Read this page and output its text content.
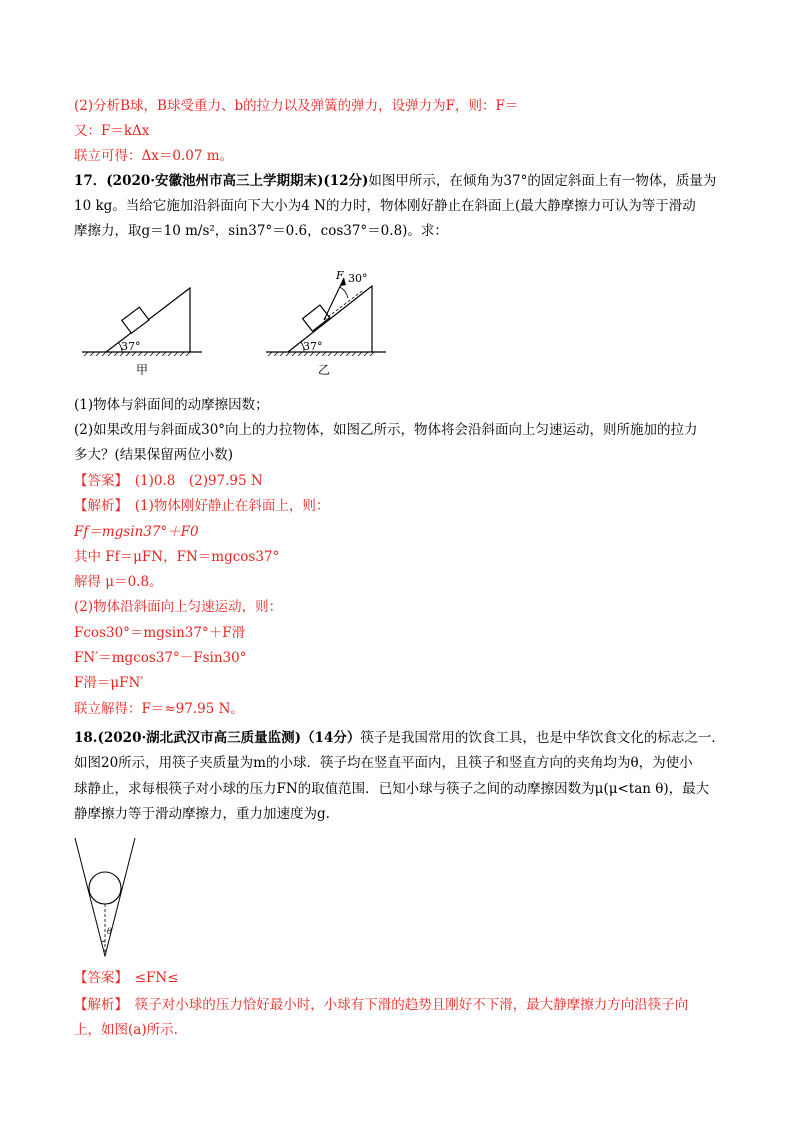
(2)分析B球，B球受重力、b的拉力以及弹簧的弹力，设弹力为F，则：F＝
又：F＝kΔx
联立可得：Δx＝0.07 m。
17．(2020·安徽池州市高三上学期期末)(12分)如图甲所示，在倾角为37°的固定斜面上有一物体，质量为
10 kg。当给它施加沿斜面向下大小为4 N的力时，物体刚好静止在斜面上(最大静摩擦力可认为等于滑动
摩擦力，取g＝10 m/s²，sin37°＝0.6，cos37°＝0.8)。求：
37°
甲
F 30°
37°
乙
(1)物体与斜面间的动摩擦因数；
(2)如果改用与斜面成30°向上的力拉物体，如图乙所示，物体将会沿斜面向上匀速运动，则所施加的拉力
多大？(结果保留两位小数)
【答案】　 (1)0.8　(2)97.95 N
【解析】　 (1)物体刚好静止在斜面上，则：
Ff＝mgsin37°＋F0
其中 Ff＝μFN，FN＝mgcos37°
解得 μ＝0.8。
(2)物体沿斜面向上匀速运动，则：
Fcos30°＝mgsin37°＋F滑
FN′＝mgcos37°－Fsin30°
F滑＝μFN′
联立解得：F＝≈97.95 N。
18.(2020·湖北武汉市高三质量监测)（14分）筷子是我国常用的饮食工具，也是中华饮食文化的标志之一．
如图20所示，用筷子夹质量为m的小球．筷子均在竖直平面内，且筷子和竖直方向的夹角均为θ，为使小
球静止，求每根筷子对小球的压力FN的取值范围．已知小球与筷子之间的动摩擦因数为μ(μ<tan θ)，最大
静摩擦力等于滑动摩擦力，重力加速度为g.
θ
【答案】　 ≤FN≤
【解析】　 筷子对小球的压力恰好最小时，小球有下滑的趋势且刚好不下滑，最大静摩擦力方向沿筷子向
上，如图(a)所示.
